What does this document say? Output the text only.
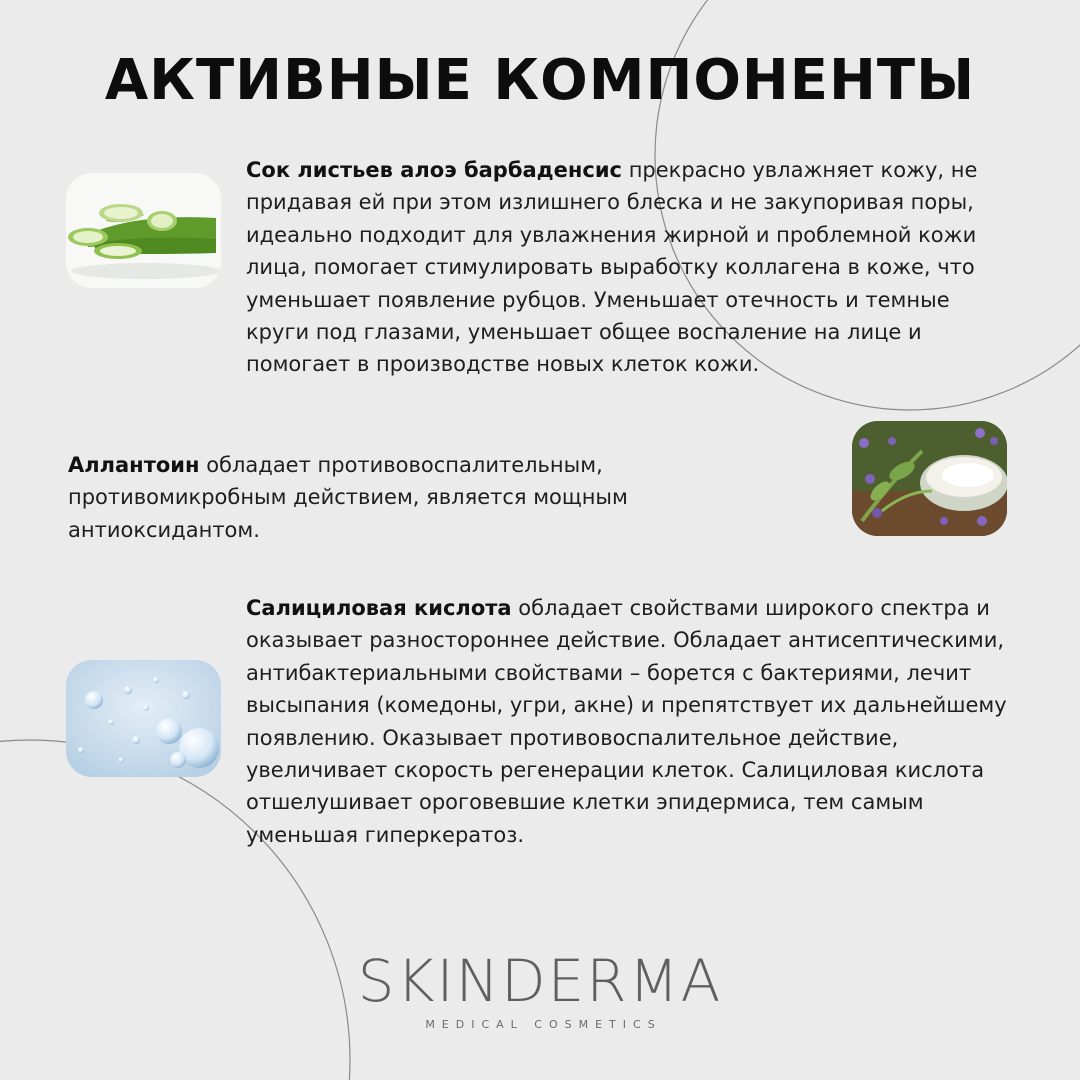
АКТИВНЫЕ КОМПОНЕНТЫ

Сок листьев алоэ барбаденсис прекрасно увлажняет кожу, не придавая ей при этом излишнего блеска и не закупоривая поры, идеально подходит для увлажнения жирной и проблемной кожи лица, помогает стимулировать выработку коллагена в коже, что уменьшает появление рубцов. Уменьшает отечность и темные круги под глазами, уменьшает общее воспаление на лице и помогает в производстве новых клеток кожи.

Аллантоин обладает противовоспалительным, противомикробным действием, является мощным антиоксидантом.

Салициловая кислота обладает свойствами широкого спектра и оказывает разностороннее действие. Обладает антисептическими, антибактериальными свойствами – борется с бактериями, лечит высыпания (комедоны, угри, акне) и препятствует их дальнейшему появлению. Оказывает противовоспалительное действие, увеличивает скорость регенерации клеток. Салициловая кислота отшелушивает ороговевшие клетки эпидермиса, тем самым уменьшая гиперкератоз.

SKINDERMA
MEDICAL COSMETICS
